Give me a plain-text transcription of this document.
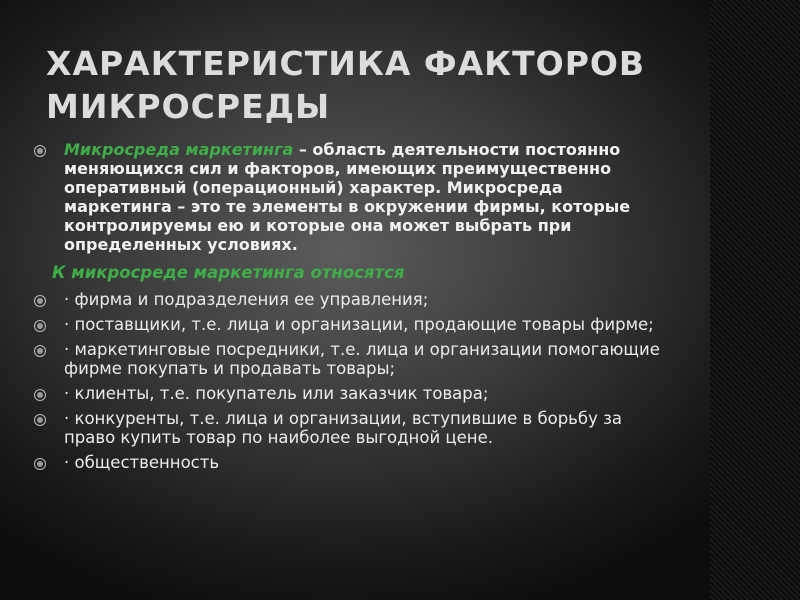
ХАРАКТЕРИСТИКА ФАКТОРОВ
МИКРОСРЕДЫ
Микросреда маркетинга – область деятельности постоянно меняющихся сил и факторов, имеющих преимущественно оперативный (операционный) характер. Микросреда маркетинга – это те элементы в окружении фирмы, которые контролируемы ею и которые она может выбрать при определенных условиях.
К микросреде маркетинга относятся
· фирма и подразделения ее управления;
· поставщики, т.е. лица и организации, продающие товары фирме;
· маркетинговые посредники, т.е. лица и организации помогающие фирме покупать и продавать товары;
· клиенты, т.е. покупатель или заказчик товара;
· конкуренты, т.е. лица и организации, вступившие в борьбу за право купить товар по наиболее выгодной цене.
· общественность
